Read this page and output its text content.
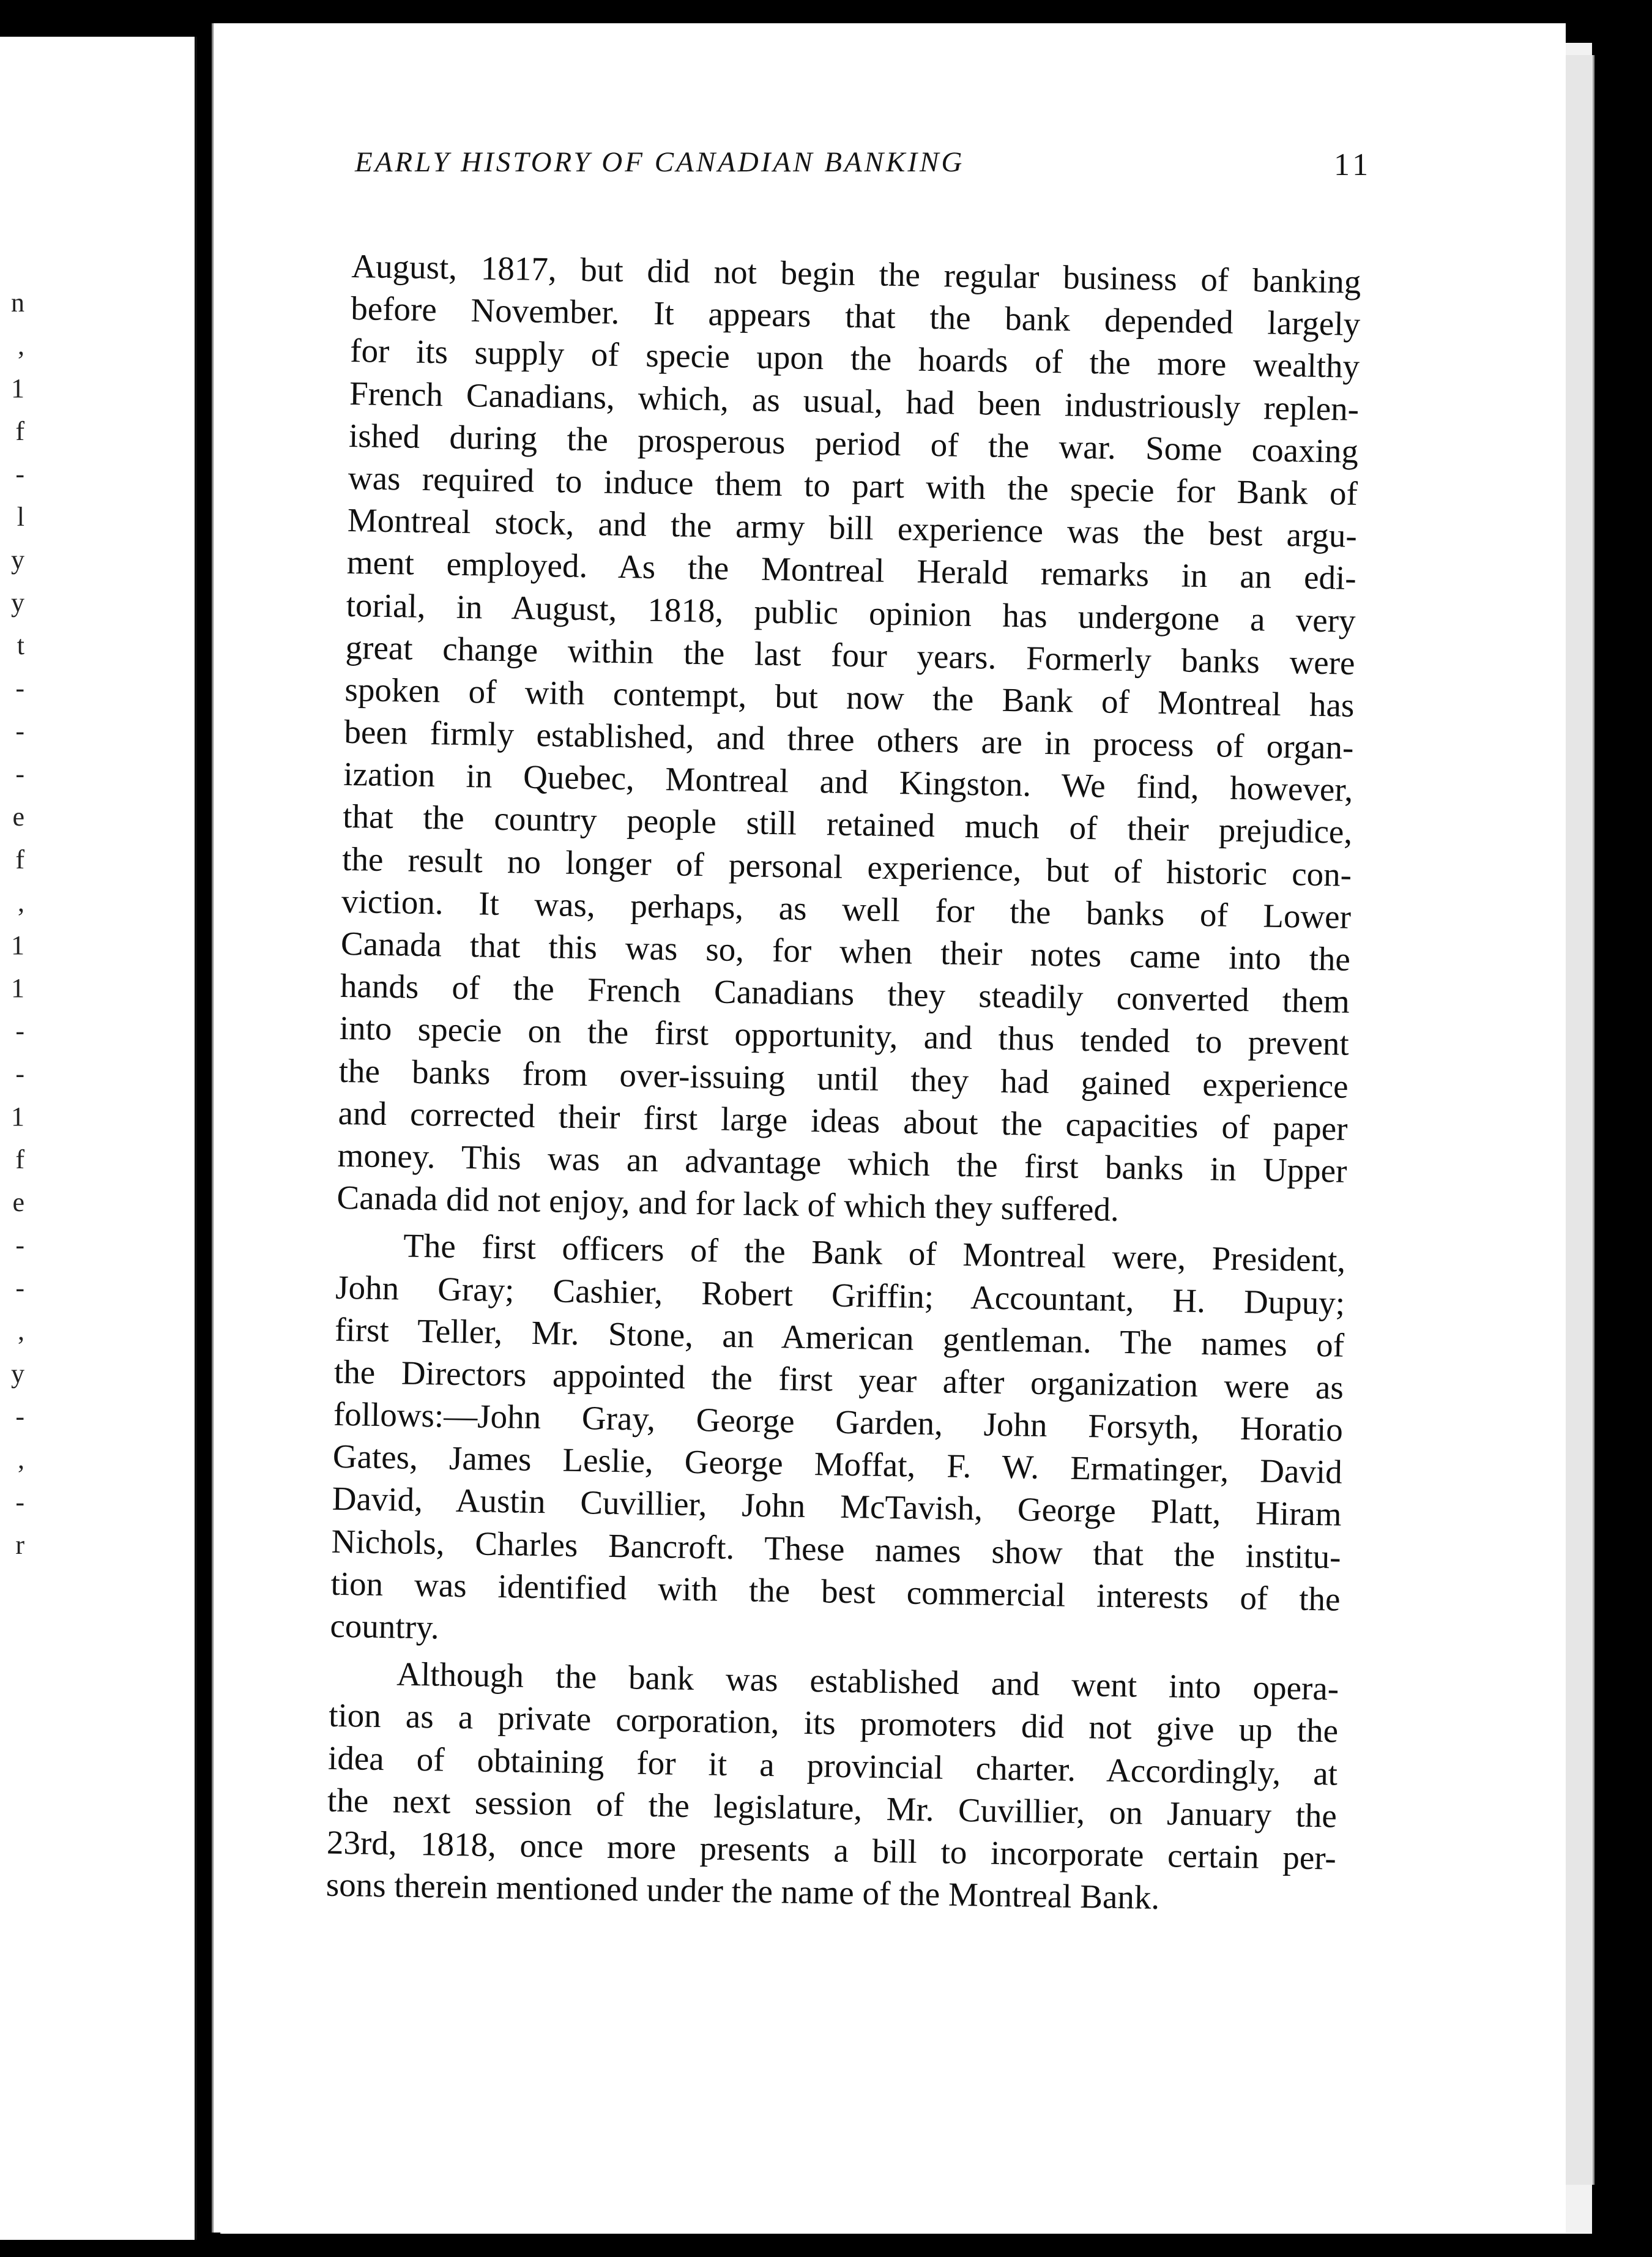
n
,
1
f
-
l
y
y
t
-
-
-
e
f
,
1
1
-
-
1
f
e
-
-
,
y
-
,
-
r
EARLY HISTORY OF CANADIAN BANKING	11
August, 1817, but did not begin the regular business of banking
before November. It appears that the bank depended largely
for its supply of specie upon the hoards of the more wealthy
French Canadians, which, as usual, had been industriously replen-
ished during the prosperous period of the war. Some coaxing
was required to induce them to part with the specie for Bank of
Montreal stock, and the army bill experience was the best argu-
ment employed. As the Montreal Herald remarks in an edi-
torial, in August, 1818, public opinion has undergone a very
great change within the last four years. Formerly banks were
spoken of with contempt, but now the Bank of Montreal has
been firmly established, and three others are in process of organ-
ization in Quebec, Montreal and Kingston. We find, however,
that the country people still retained much of their prejudice,
the result no longer of personal experience, but of historic con-
viction. It was, perhaps, as well for the banks of Lower
Canada that this was so, for when their notes came into the
hands of the French Canadians they steadily converted them
into specie on the first opportunity, and thus tended to prevent
the banks from over-issuing until they had gained experience
and corrected their first large ideas about the capacities of paper
money. This was an advantage which the first banks in Upper
Canada did not enjoy, and for lack of which they suffered.
The first officers of the Bank of Montreal were, President,
John Gray; Cashier, Robert Griffin; Accountant, H. Dupuy;
first Teller, Mr. Stone, an American gentleman. The names of
the Directors appointed the first year after organization were as
follows:—John Gray, George Garden, John Forsyth, Horatio
Gates, James Leslie, George Moffat, F. W. Ermatinger, David
David, Austin Cuvillier, John McTavish, George Platt, Hiram
Nichols, Charles Bancroft. These names show that the institu-
tion was identified with the best commercial interests of the
country.
Although the bank was established and went into opera-
tion as a private corporation, its promoters did not give up the
idea of obtaining for it a provincial charter. Accordingly, at
the next session of the legislature, Mr. Cuvillier, on January the
23rd, 1818, once more presents a bill to incorporate certain per-
sons therein mentioned under the name of the Montreal Bank.
